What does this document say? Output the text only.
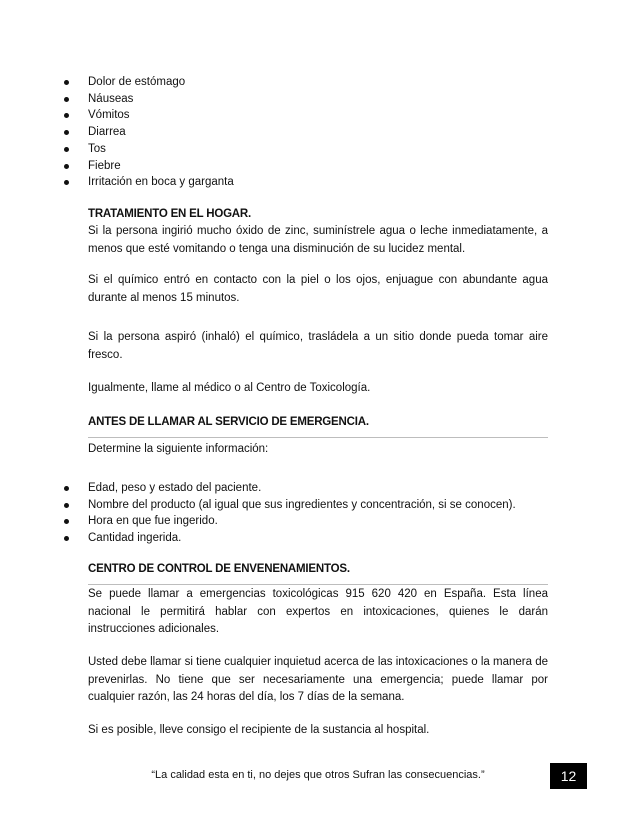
Dolor de estómago
Náuseas
Vómitos
Diarrea
Tos
Fiebre
Irritación en boca y garganta
TRATAMIENTO EN EL HOGAR.
Si la persona ingirió mucho óxido de zinc, suminístrele agua o leche inmediatamente, a menos que esté vomitando o tenga una disminución de su lucidez mental.
Si el químico entró en contacto con la piel o los ojos, enjuague con abundante agua durante al menos 15 minutos.
Si la persona aspiró (inhaló) el químico, trasládela a un sitio donde pueda tomar aire fresco.
Igualmente, llame al médico o al Centro de Toxicología.
ANTES DE LLAMAR AL SERVICIO DE EMERGENCIA.
Determine la siguiente información:
Edad, peso y estado del paciente.
Nombre del producto (al igual que sus ingredientes y concentración, si se conocen).
Hora en que fue ingerido.
Cantidad ingerida.
CENTRO DE CONTROL DE ENVENENAMIENTOS.
Se puede llamar a emergencias toxicológicas 915 620 420 en España. Esta línea nacional le permitirá hablar con expertos en intoxicaciones, quienes le darán instrucciones adicionales.
Usted debe llamar si tiene cualquier inquietud acerca de las intoxicaciones o la manera de prevenirlas. No tiene que ser necesariamente una emergencia; puede llamar por cualquier razón, las 24 horas del día, los 7 días de la semana.
Si es posible, lleve consigo el recipiente de la sustancia al hospital.
“La calidad esta en ti, no dejes que otros Sufran las consecuencias.”	12
